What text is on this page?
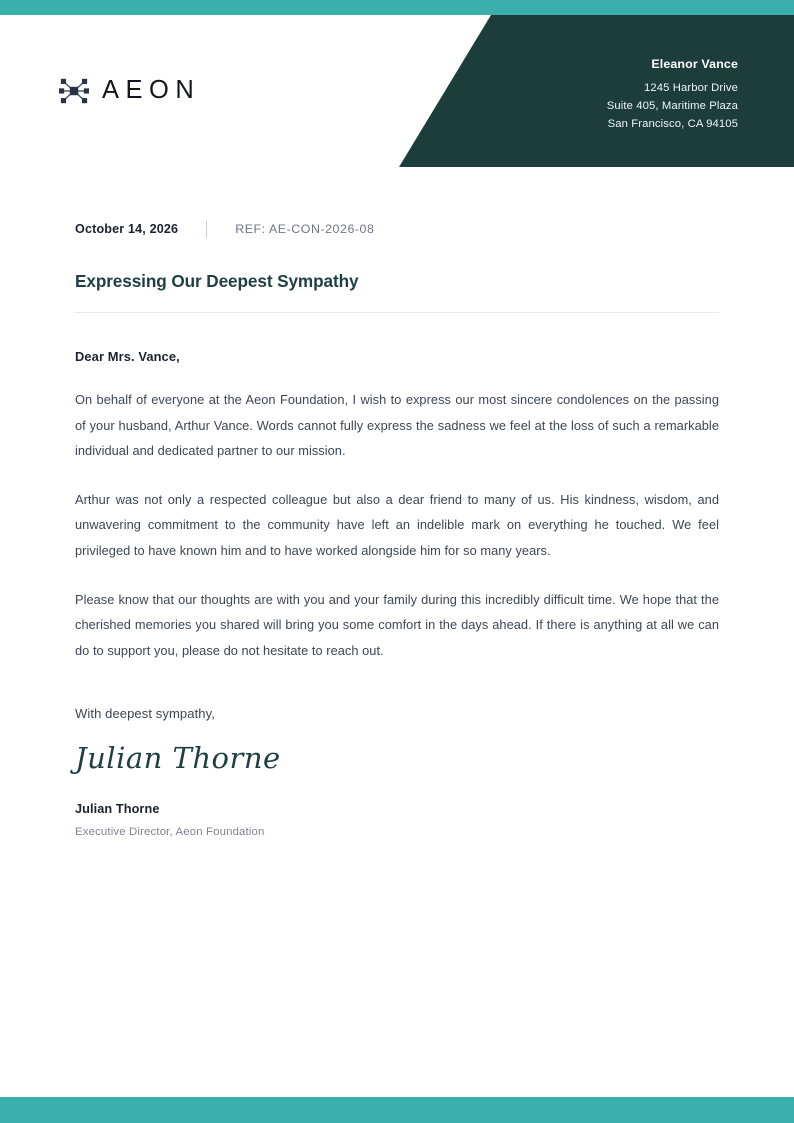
AEON
Eleanor Vance
1245 Harbor Drive
Suite 405, Maritime Plaza
San Francisco, CA 94105
October 14, 2026	REF: AE-CON-2026-08
Expressing Our Deepest Sympathy
Dear Mrs. Vance,

On behalf of everyone at the Aeon Foundation, I wish to express our most sincere condolences on the passing of your husband, Arthur Vance. Words cannot fully express the sadness we feel at the loss of such a remarkable individual and dedicated partner to our mission.

Arthur was not only a respected colleague but also a dear friend to many of us. His kindness, wisdom, and unwavering commitment to the community have left an indelible mark on everything he touched. We feel privileged to have known him and to have worked alongside him for so many years.

Please know that our thoughts are with you and your family during this incredibly difficult time. We hope that the cherished memories you shared will bring you some comfort in the days ahead. If there is anything at all we can do to support you, please do not hesitate to reach out.

With deepest sympathy,
Julian Thorne
Julian Thorne
Executive Director, Aeon Foundation
